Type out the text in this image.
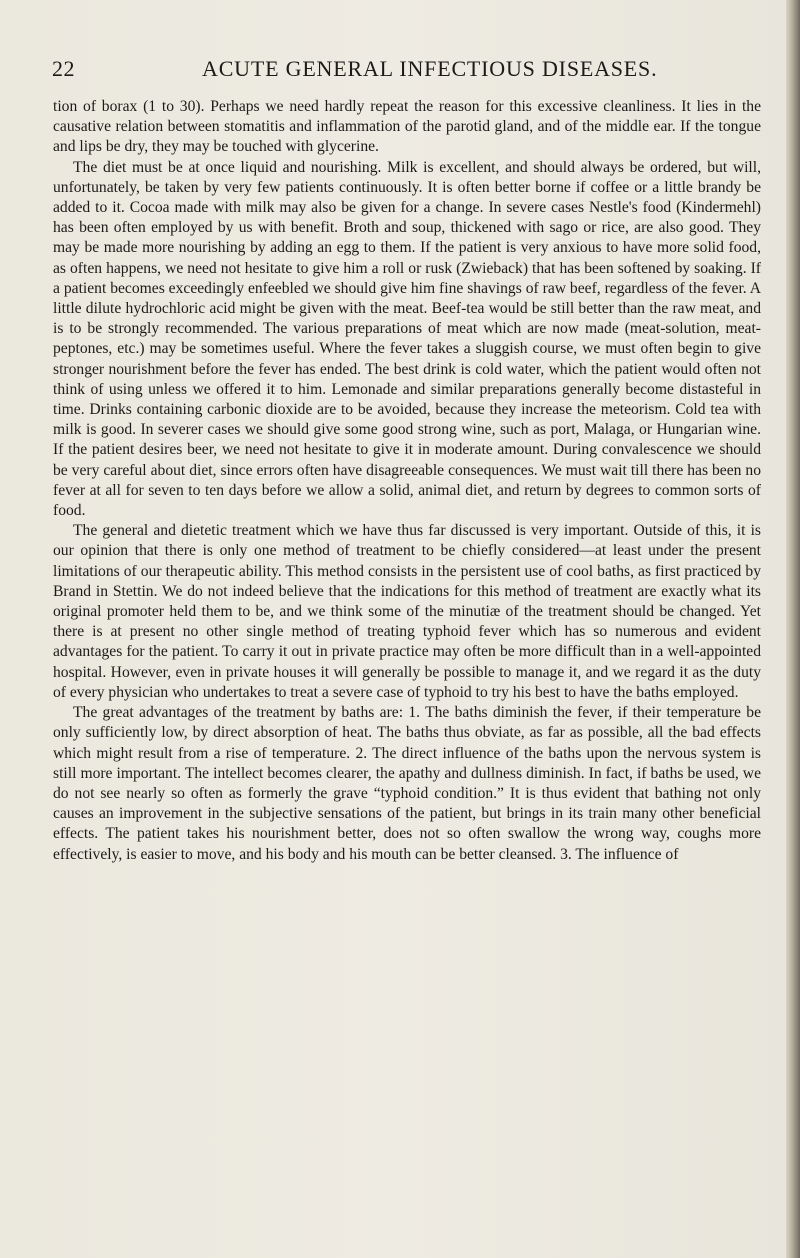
22	ACUTE GENERAL INFECTIOUS DISEASES.

tion of borax (1 to 30). Perhaps we need hardly repeat the reason for this excessive cleanliness. It lies in the causative relation between stomatitis and inflammation of the parotid gland, and of the middle ear. If the tongue and lips be dry, they may be touched with glycerine.

The diet must be at once liquid and nourishing. Milk is excellent, and should always be ordered, but will, unfortunately, be taken by very few patients continuously. It is often better borne if coffee or a little brandy be added to it. Cocoa made with milk may also be given for a change. In severe cases Nestle's food (Kindermehl) has been often employed by us with benefit. Broth and soup, thickened with sago or rice, are also good. They may be made more nourishing by adding an egg to them. If the patient is very anxious to have more solid food, as often happens, we need not hesitate to give him a roll or rusk (Zwieback) that has been softened by soaking. If a patient becomes exceedingly enfeebled we should give him fine shavings of raw beef, regardless of the fever. A little dilute hydrochloric acid might be given with the meat. Beef-tea would be still better than the raw meat, and is to be strongly recommended. The various preparations of meat which are now made (meat-solution, meat-peptones, etc.) may be sometimes useful. Where the fever takes a sluggish course, we must often begin to give stronger nourishment before the fever has ended. The best drink is cold water, which the patient would often not think of using unless we offered it to him. Lemonade and similar preparations generally become distasteful in time. Drinks containing carbonic dioxide are to be avoided, because they increase the meteorism. Cold tea with milk is good. In severer cases we should give some good strong wine, such as port, Malaga, or Hungarian wine. If the patient desires beer, we need not hesitate to give it in moderate amount. During convalescence we should be very careful about diet, since errors often have disagreeable consequences. We must wait till there has been no fever at all for seven to ten days before we allow a solid, animal diet, and return by degrees to common sorts of food.

The general and dietetic treatment which we have thus far discussed is very important. Outside of this, it is our opinion that there is only one method of treatment to be chiefly considered—at least under the present limitations of our therapeutic ability. This method consists in the persistent use of cool baths, as first practiced by Brand in Stettin. We do not indeed believe that the indications for this method of treatment are exactly what its original promoter held them to be, and we think some of the minutiæ of the treatment should be changed. Yet there is at present no other single method of treating typhoid fever which has so numerous and evident advantages for the patient. To carry it out in private practice may often be more difficult than in a well-appointed hospital. However, even in private houses it will generally be possible to manage it, and we regard it as the duty of every physician who undertakes to treat a severe case of typhoid to try his best to have the baths employed.

The great advantages of the treatment by baths are: 1. The baths diminish the fever, if their temperature be only sufficiently low, by direct absorption of heat. The baths thus obviate, as far as possible, all the bad effects which might result from a rise of temperature. 2. The direct influence of the baths upon the nervous system is still more important. The intellect becomes clearer, the apathy and dullness diminish. In fact, if baths be used, we do not see nearly so often as formerly the grave “typhoid condition.” It is thus evident that bathing not only causes an improvement in the subjective sensations of the patient, but brings in its train many other beneficial effects. The patient takes his nourishment better, does not so often swallow the wrong way, coughs more effectively, is easier to move, and his body and his mouth can be better cleansed. 3. The influence of
